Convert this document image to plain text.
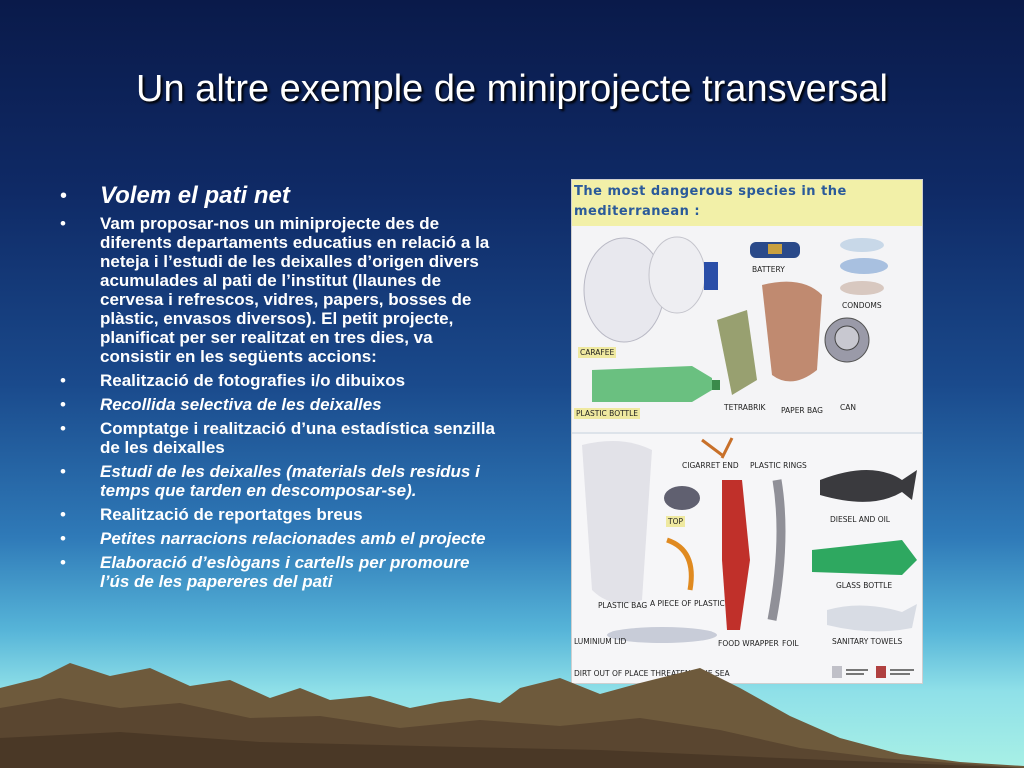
Un altre exemple de miniprojecte transversal
• Volem el pati net
• Vam proposar-nos un miniprojecte des de diferents departaments educatius en relació a la neteja i l’estudi de les deixalles d’origen divers acumulades al pati de l’institut (llaunes de cervesa i refrescos, vidres, papers, bosses de plàstic, envasos diversos). El petit projecte, planificat per ser realitzat en tres dies, va consistir en les següents accions:
• Realització de fotografies i/o dibuixos
• Recollida selectiva de les deixalles
• Comptatge i realització d’una estadística senzilla de les deixalles
• Estudi de les deixalles (materials dels residus i temps que tarden en descomposar-se).
• Realització de reportatges breus
• Petites narracions relacionades amb el projecte
• Elaboració d’eslògans i cartells per promoure l’ús de les papereres del pati
The most dangerous species in the mediterranean :
BATTERY
CONDOMS
CARAFEE
TETRABRIK PAPER BAG CAN
PLASTIC BOTTLE
CIGARRET END PLASTIC RINGS
TOP	DIESEL AND OIL
GLASS BOTTLE
PLASTIC BAG A PIECE OF PLASTIC
LUMINIUM LID	FOOD WRAPPER FOIL	SANITARY TOWELS
DIRT OUT OF PLACE THREATENS THE SEA
